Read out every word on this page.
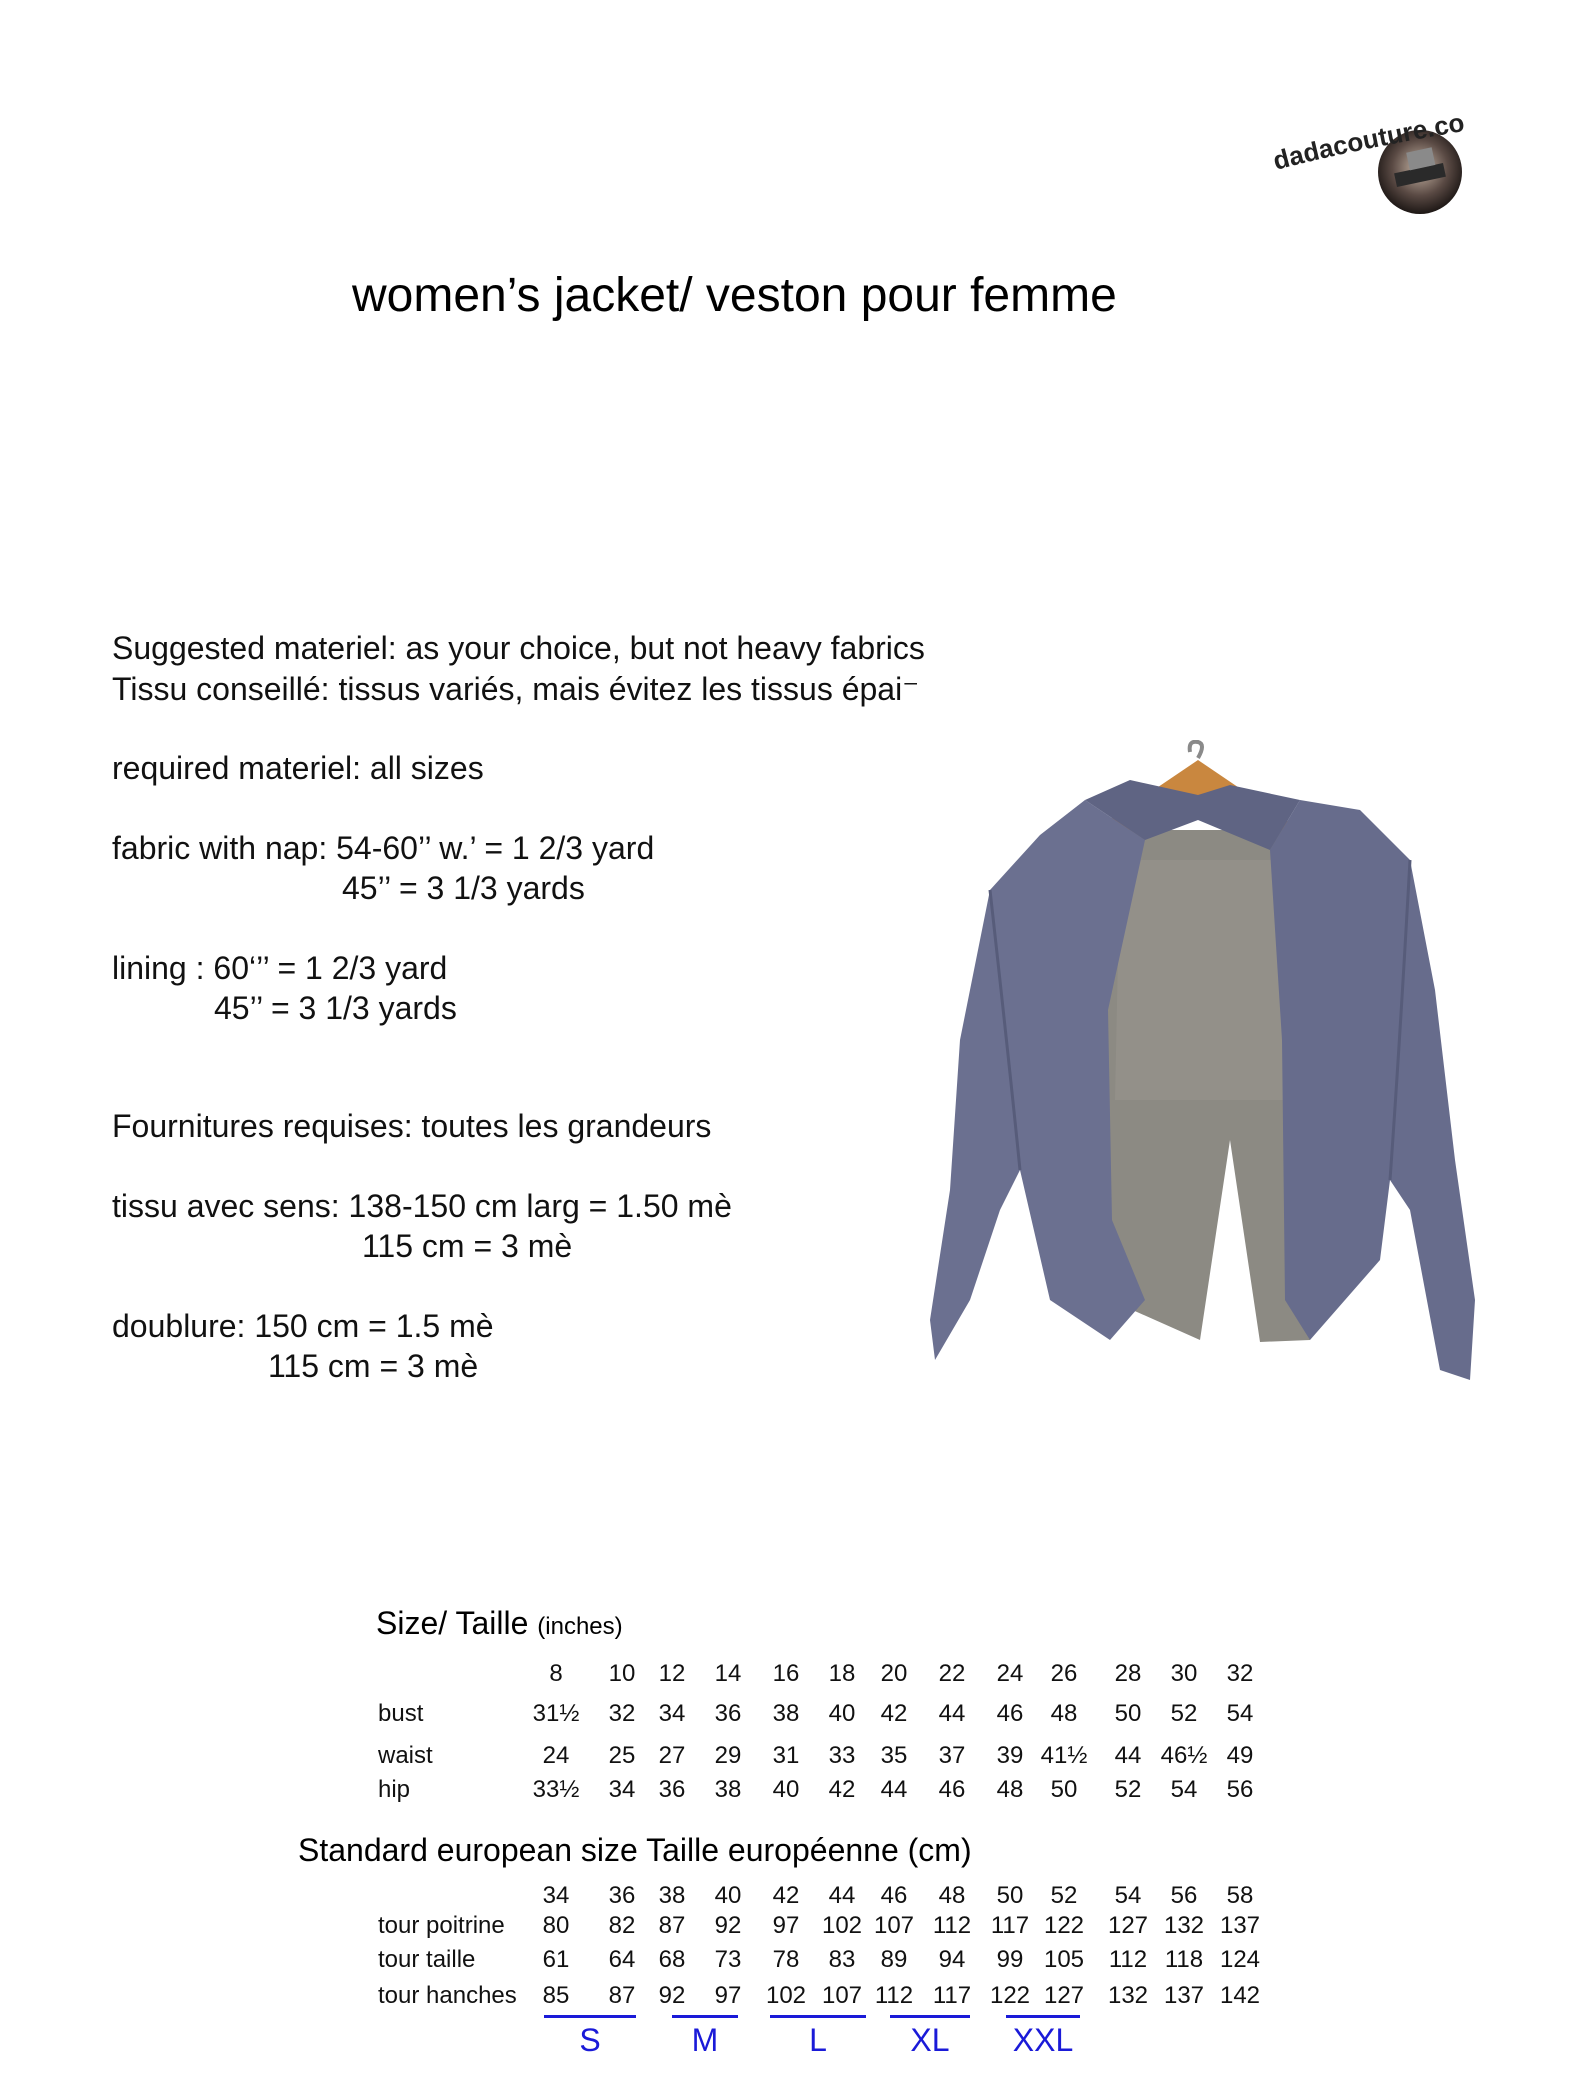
dadacouture.co
women’s jacket/ veston pour femme
Suggested materiel: as your choice, but not heavy fabrics
Tissu conseillé: tissus variés, mais évitez les tissus épai⁻
required materiel: all sizes
fabric with nap: 54-60’’ w.’ = 1 2/3 yard
45’’ = 3 1/3 yards
lining : 60‘’’ = 1 2/3 yard
45’’ = 3 1/3 yards
Fournitures requises: toutes les grandeurs
tissu avec sens: 138-150 cm larg = 1.50 mè
115 cm = 3 mè
doublure: 150 cm = 1.5 mè
115 cm = 3 mè
Size/ Taille (inches)
8	10 12	14	16	18	20	22	24	26	28	30	32
bust	31½	32 34	36	38	40	42	44	46	48	50	52	54
waist	24	25 27	29	31	33	35	37	39 41½	44 46½ 49
hip	33½	34 36	38	40	42	44	46	48	50	52	54	56
Standard european size Taille européenne (cm)
34	36 38	40	42	44	46	48	50	52	54	56	58
tour poitrine	80	82 87	92	97 102 107 112 117 122 127 132 137
tour taille	61	64 68	73	78	83	89	94	99 105	112 118 124
tour hanches	85	87 92	97	102 107 112 117 122 127 132 137 142
S	M	L	XL	XXL
